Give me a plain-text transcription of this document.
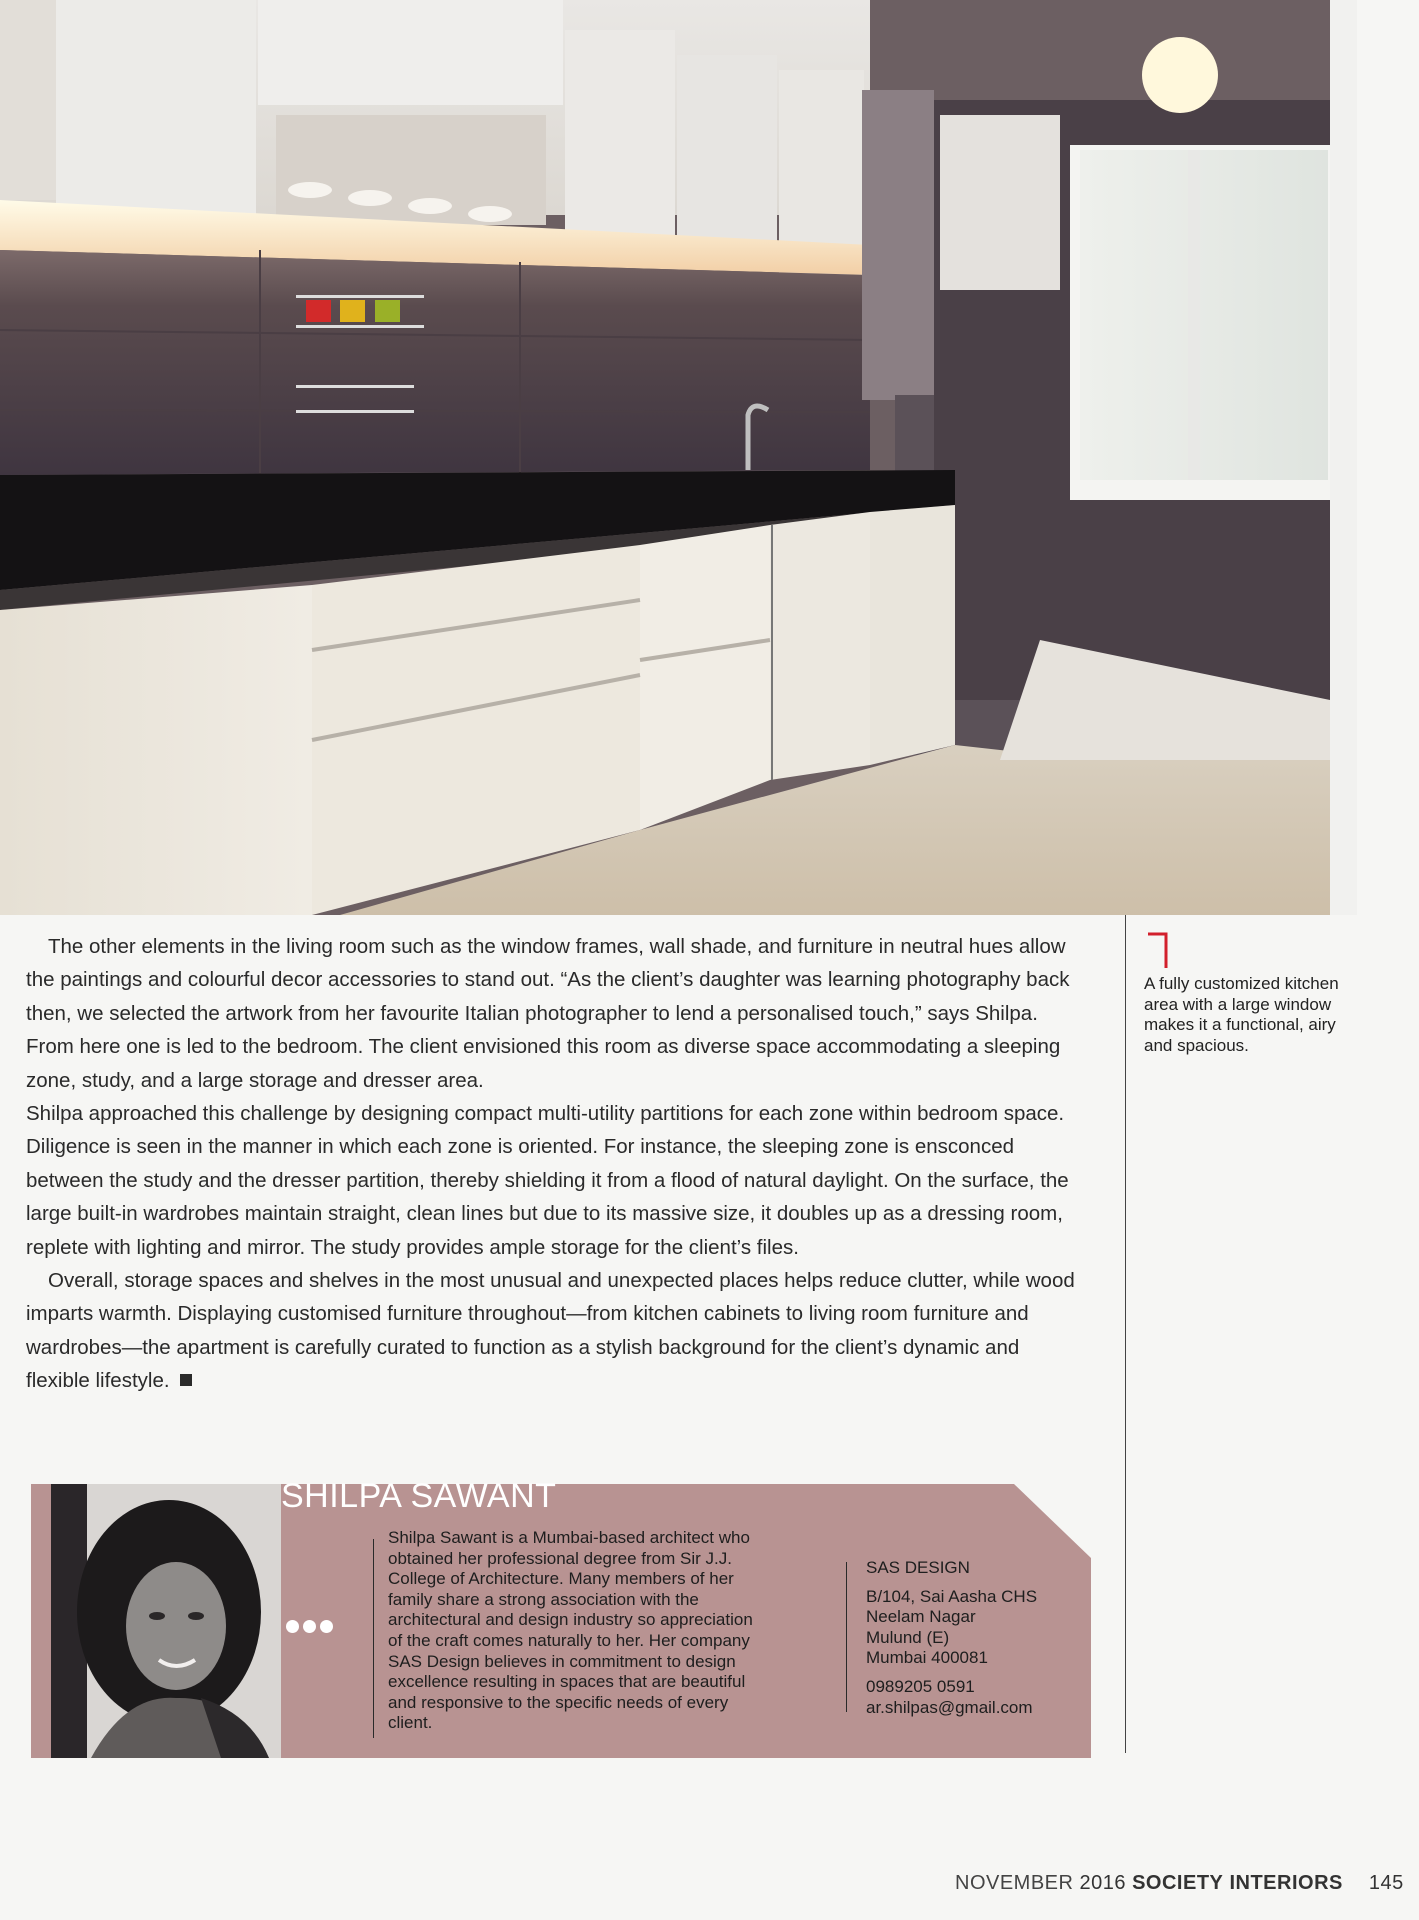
The other elements in the living room such as the window frames, wall shade, and furniture in neutral hues allow the paintings and colourful decor accessories to stand out. “As the client’s daughter was learning photography back then, we selected the artwork from her favourite Italian photographer to lend a personalised touch,” says Shilpa. From here one is led to the bedroom. The client envisioned this room as diverse space accommodating a sleeping zone, study, and a large storage and dresser area.

Shilpa approached this challenge by designing compact multi-utility partitions for each zone within bedroom space. Diligence is seen in the manner in which each zone is oriented. For instance, the sleeping zone is ensconced between the study and the dresser partition, thereby shielding it from a flood of natural daylight. On the surface, the large built-in wardrobes maintain straight, clean lines but due to its massive size, it doubles up as a dressing room, replete with lighting and mirror. The study provides ample storage for the client’s files.

Overall, storage spaces and shelves in the most unusual and unexpected places helps reduce clutter, while wood imparts warmth. Displaying customised furniture throughout—from kitchen cabinets to living room furniture and wardrobes—the apartment is carefully curated to function as a stylish background for the client’s dynamic and flexible lifestyle.

A fully customized kitchen area with a large window makes it a functional, airy and spacious.
SHILPA SAWANT
Shilpa Sawant is a Mumbai-based architect who obtained her professional degree from Sir J.J. College of Architecture. Many members of her family share a strong association with the architectural and design industry so appreciation of the craft comes naturally to her. Her company SAS Design believes in commitment to design excellence resulting in spaces that are beautiful and responsive to the specific needs of every client.
SAS DESIGN
B/104, Sai Aasha CHS
Neelam Nagar
Mulund (E)
Mumbai 400081
0989205 0591
ar.shilpas@gmail.com
NOVEMBER 2016 SOCIETY INTERIORS 145
